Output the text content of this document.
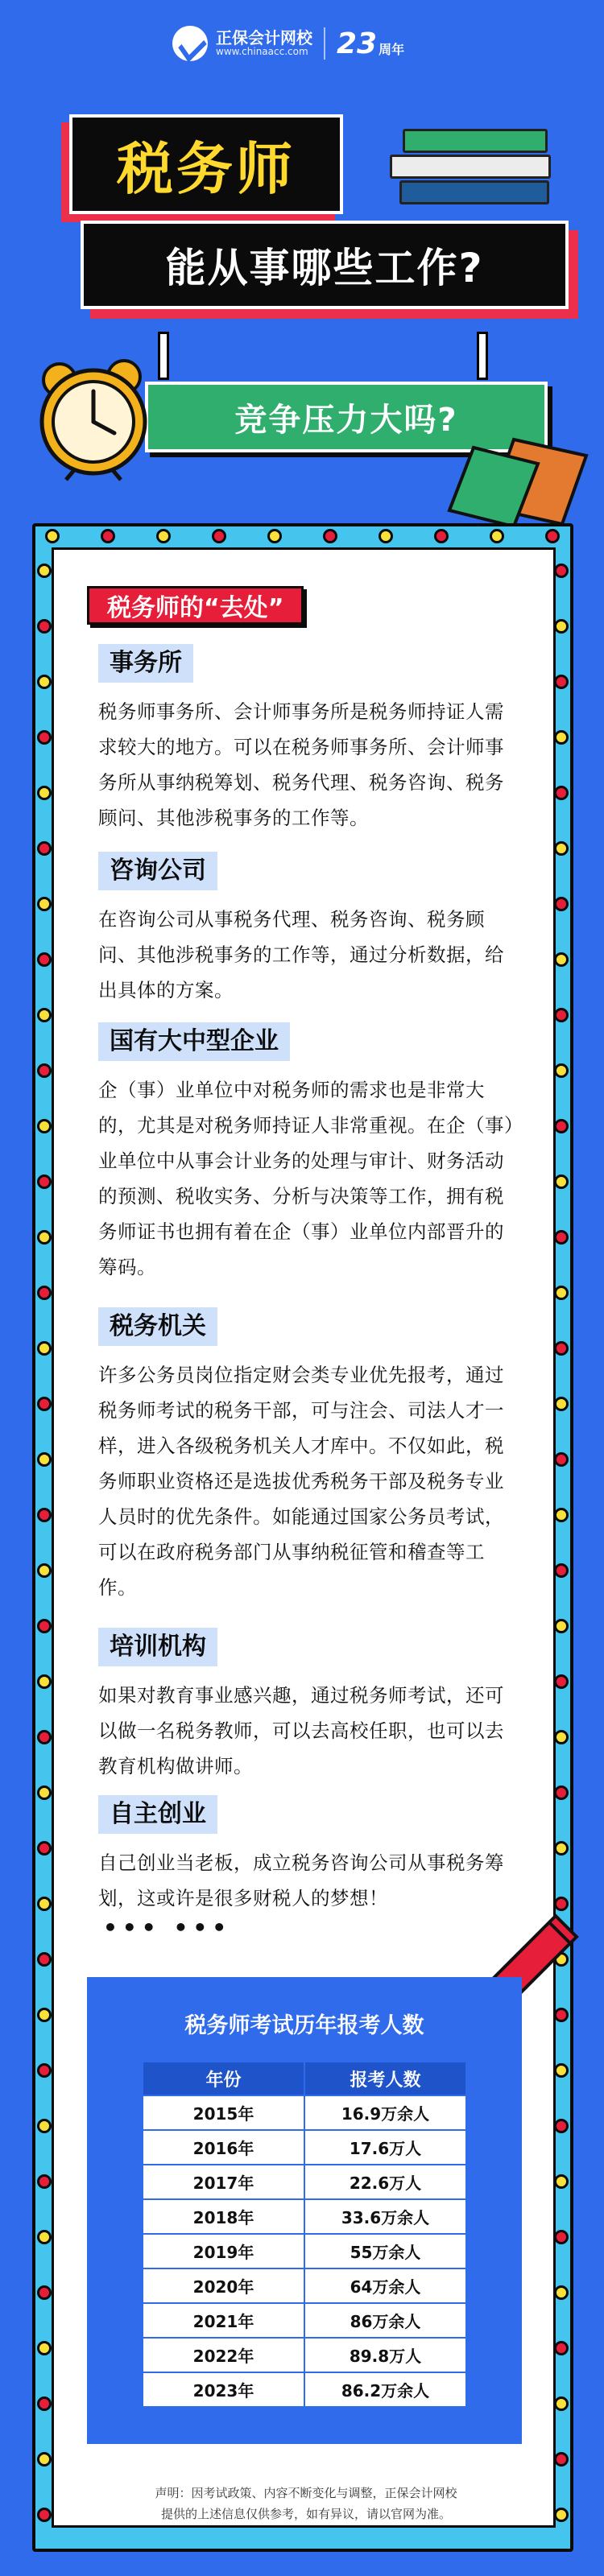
正保会计网校
www.chinaacc.com 23 周年
税务师
能从事哪些工作?
竞争压力大吗?
税务师的“去处”
事务所
税务师事务所、会计师事务所是税务师持证人需求较大的地方。可以在税务师事务所、会计师事务所从事纳税筹划、税务代理、税务咨询、税务顾问、其他涉税事务的工作等。
咨询公司
在咨询公司从事税务代理、税务咨询、税务顾问、其他涉税事务的工作等，通过分析数据，给出具体的方案。
国有大中型企业
企（事）业单位中对税务师的需求也是非常大的，尤其是对税务师持证人非常重视。在企（事）业单位中从事会计业务的处理与审计、财务活动的预测、税收实务、分析与决策等工作，拥有税务师证书也拥有着在企（事）业单位内部晋升的筹码。
税务机关
许多公务员岗位指定财会类专业优先报考，通过税务师考试的税务干部，可与注会、司法人才一样，进入各级税务机关人才库中。不仅如此，税务师职业资格还是选拔优秀税务干部及税务专业人员时的优先条件。如能通过国家公务员考试，可以在政府税务部门从事纳税征管和稽查等工作。
培训机构
如果对教育事业感兴趣，通过税务师考试，还可以做一名税务教师，可以去高校任职，也可以去教育机构做讲师。
自主创业
自己创业当老板，成立税务咨询公司从事税务筹划，这或许是很多财税人的梦想！
••• •••
税务师考试历年报考人数
年份	报考人数
2015年	16.9万余人
2016年	17.6万人
2017年	22.6万人
2018年	33.6万余人
2019年	55万余人
2020年	64万余人
2021年	86万余人
2022年	89.8万人
2023年	86.2万余人
声明：因考试政策、内容不断变化与调整，正保会计网校
提供的上述信息仅供参考，如有异议，请以官网为准。
